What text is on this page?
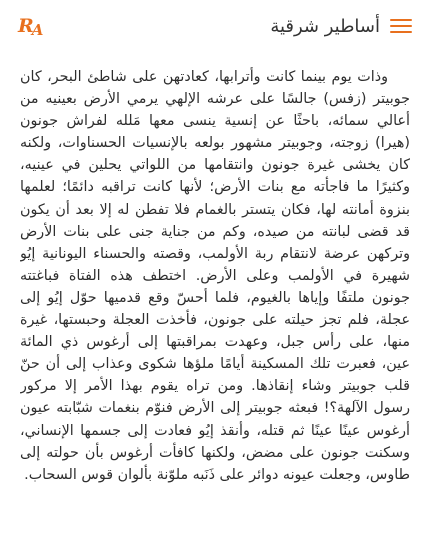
أساطير شرقية
R
A

وذات يوم بينما كانت وأترابها، كعادتهن على شاطئ البحر، كان جوبيتر (زفس) جالسًا على عرشه الإلهي يرمي الأرض بعينيه من أعالي سمائه، باحثًا عن إنسية ينسى معها مَلله لفراش جونون (هيرا) زوجته، وجوبيتر مشهور بولعه بالإنسيات الحسناوات، ولكنه كان يخشى غيرة جونون وانتقامها من اللواتي يحلين في عينيه، وكثيرًا ما فاجأته مع بنات الأرض؛ لأنها كانت تراقبه دائمًا؛ لعلمها بنزوة أمانته لها، فكان يتستر بالغمام فلا تفطن له إلا بعد أن يكون قد قضى لبانته من صيده، وكم من جناية جنى على بنات الأرض وتركهن عرضة لانتقام ربة الأولمب، وقصته والحسناء اليونانية إيُو شهيرة في الأولمب وعلى الأرض. اختطف هذه الفتاة فباغتته جونون ملتفًا وإياها بالغيوم، فلما أحسّ وقع قدميها حوّل إيُو إلى عجلة، فلم تجز حيلته على جونون، فأخذت العجلة وحبستها، غيرة منها، على رأس جبل، وعهدت بمراقبتها إلى أرغوس ذي المائة عين، فعبرت تلك المسكينة أيامًا ملؤها شكوى وعذاب إلى أن حنّ قلب جوبيتر وشاء إنقاذها. ومن تراه يقوم بهذا الأمر إلا مركور رسول الآلهة؟! فبعثه جوبيتر إلى الأرض فنوّم بنغمات شبّابته عيون أرغوس عينًا عينًا ثم قتله، وأنقذ إيُو فعادت إلى جسمها الإنساني، وسكنت جونون على مضض، ولكنها كافأت أرغوس بأن حولته إلى طاوس، وجعلت عيونه دوائر على ذَنَبه ملوّنة بألوان قوس السحاب.
